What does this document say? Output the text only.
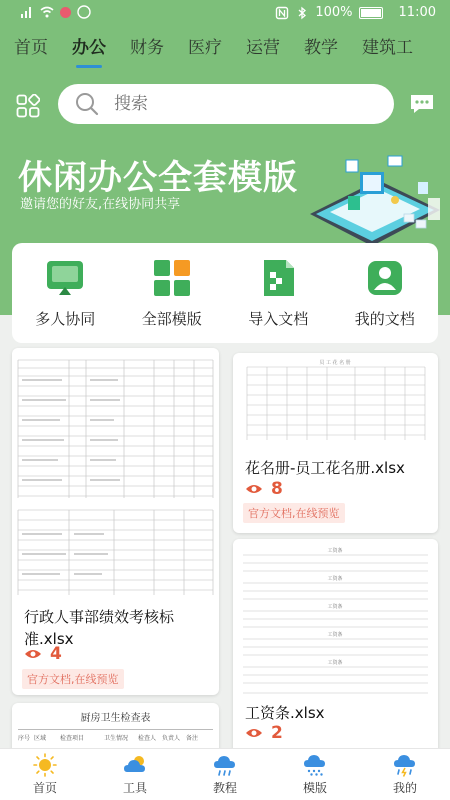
100%	11:00
首页 办公 财务 医疗 运营 教学 建筑工
搜索
休闲办公全套模版
邀请您的好友,在线协同共享
多人协同	全部模版	导入文档	我的文档
行政人事部绩效考核标准.xlsx
4
官方文档,在线预览
员 工 花 名 册
花名册-员工花名册.xlsx
8
官方文档,在线预览
工资条
工资条
工资条
工资条
工资条
工资条.xlsx
2
厨房卫生检查表
序号 区域	检查项目	卫生情况	检查人 负责人 备注
首页	工具	教程	模版	我的
